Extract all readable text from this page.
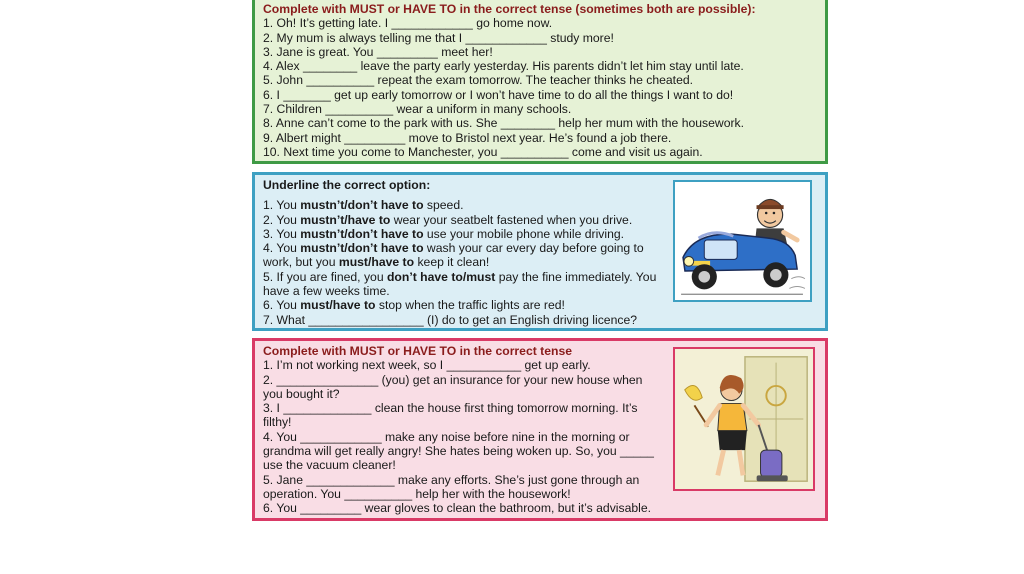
Complete with MUST or HAVE TO in the correct tense (sometimes both are possible):
1. Oh! It’s getting late. I ____________ go home now.
2. My mum is always telling me that I ____________ study more!
3. Jane is great. You _________ meet her!
4. Alex ________ leave the party early yesterday. His parents didn’t let him stay until late.
5. John __________ repeat the exam tomorrow. The teacher thinks he cheated.
6. I _______ get up early tomorrow or I won’t have time to do all the things I want to do!
7. Children __________ wear a uniform in many schools.
8. Anne can’t come to the park with us. She ________ help her mum with the housework.
9. Albert might _________ move to Bristol next year. He’s found a job there.
10. Next time you come to Manchester, you __________ come and visit us again.
Underline the correct option:
1. You mustn’t/don’t have to speed.
2. You mustn’t/have to wear your seatbelt fastened when you drive.
3. You mustn’t/don’t have to use your mobile phone while driving.
4. You mustn’t/don’t have to wash your car every day before going to work, but you must/have to keep it clean!
5. If you are fined, you don’t have to/must pay the fine immediately. You have a few weeks time.
6. You must/have to stop when the traffic lights are red!
7. What _________________ (I) do to get an English driving licence?
Complete with MUST or HAVE TO in the correct tense
1. I’m not working next week, so I ___________ get up early.
2. _______________ (you) get an insurance for your new house when you bought it?
3. I _____________ clean the house first thing tomorrow morning. It’s filthy!
4. You ____________ make any noise before nine in the morning or grandma will get really angry! She hates being woken up. So, you _____ use the vacuum cleaner!
5. Jane _____________ make any efforts. She’s just gone through an operation. You __________ help her with the housework!
6. You _________ wear gloves to clean the bathroom, but it’s advisable.
